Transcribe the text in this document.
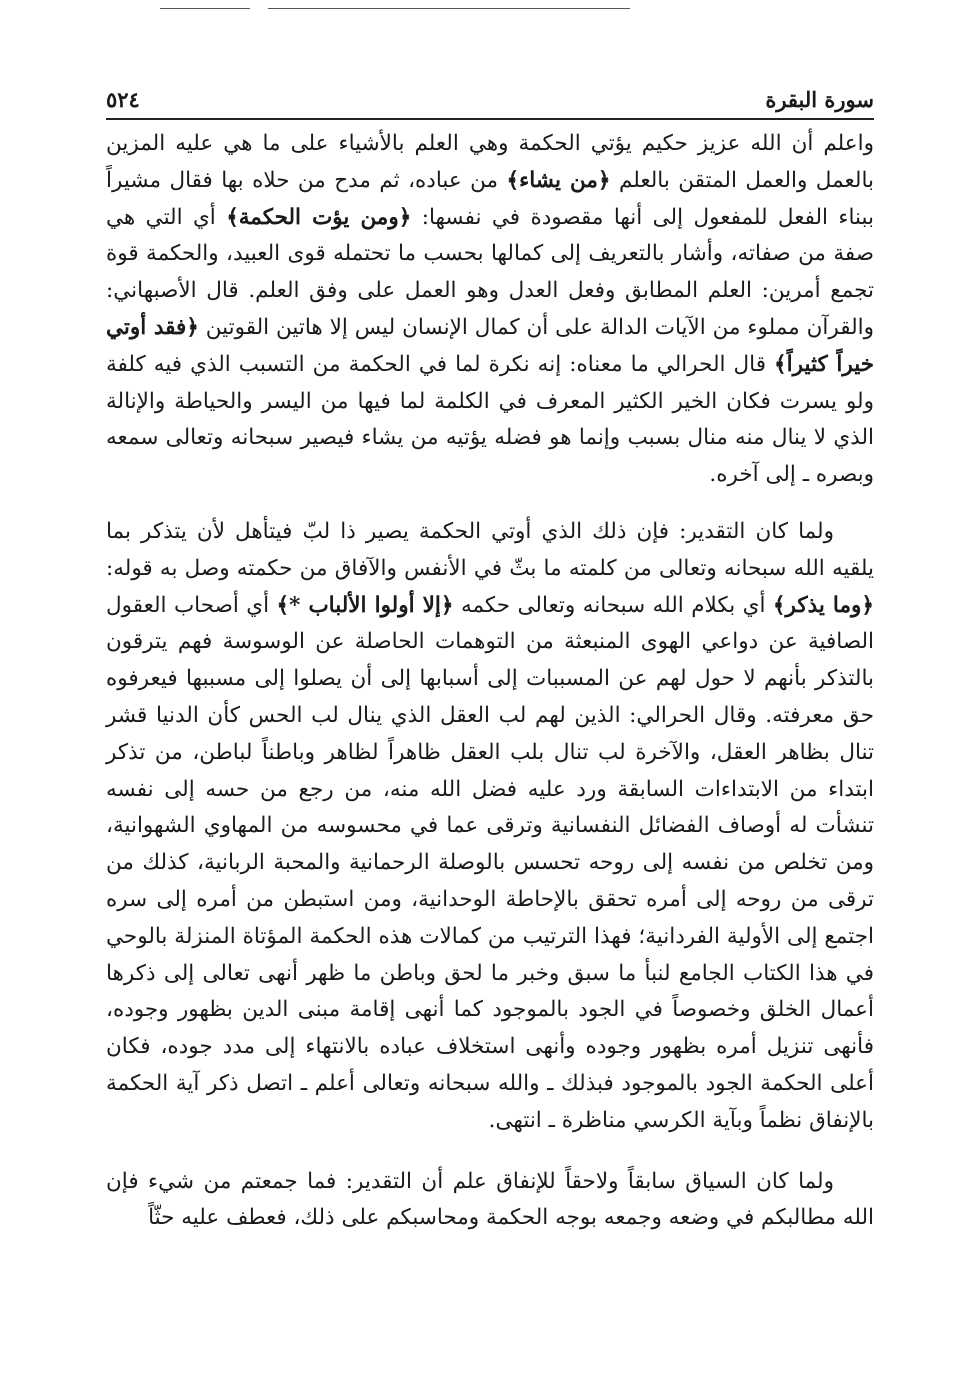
سورة البقرة
٥٢٤

واعلم أن الله عزيز حكيم يؤتي الحكمة وهي العلم بالأشياء على ما هي عليه المزين بالعمل والعمل المتقن بالعلم ﴿من يشاء﴾ من عباده، ثم مدح من حلاه بها فقال مشيراً ببناء الفعل للمفعول إلى أنها مقصودة في نفسها: ﴿ومن يؤت الحكمة﴾ أي التي هي صفة من صفاته، وأشار بالتعريف إلى كمالها بحسب ما تحتمله قوى العبيد، والحكمة قوة تجمع أمرين: العلم المطابق وفعل العدل وهو العمل على وفق العلم. قال الأصبهاني: والقرآن مملوء من الآيات الدالة على أن كمال الإنسان ليس إلا هاتين القوتين ﴿فقد أوتي خيراً كثيراً﴾ قال الحرالي ما معناه: إنه نكرة لما في الحكمة من التسبب الذي فيه كلفة ولو يسرت فكان الخير الكثير المعرف في الكلمة لما فيها من اليسر والحياطة والإنالة الذي لا ينال منه منال بسبب وإنما هو فضله يؤتيه من يشاء فيصير سبحانه وتعالى سمعه وبصره ـ إلى آخره.

ولما كان التقدير: فإن ذلك الذي أوتي الحكمة يصير ذا لبّ فيتأهل لأن يتذكر بما يلقيه الله سبحانه وتعالى من كلمته ما بثّ في الأنفس والآفاق من حكمته وصل به قوله: ﴿وما يذكر﴾ أي بكلام الله سبحانه وتعالى حكمه ﴿إلا أولوا الألباب *﴾ أي أصحاب العقول الصافية عن دواعي الهوى المنبعثة من التوهمات الحاصلة عن الوسوسة فهم يترقون بالتذكر بأنهم لا حول لهم عن المسببات إلى أسبابها إلى أن يصلوا إلى مسببها فيعرفوه حق معرفته. وقال الحرالي: الذين لهم لب العقل الذي ينال لب الحس كأن الدنيا قشر تنال بظاهر العقل، والآخرة لب تنال بلب العقل ظاهراً لظاهر وباطناً لباطن، من تذكر ابتداء من الابتداءات السابقة ورد عليه فضل الله منه، من رجع من حسه إلى نفسه تنشأت له أوصاف الفضائل النفسانية وترقى عما في محسوسه من المهاوي الشهوانية، ومن تخلص من نفسه إلى روحه تحسس بالوصلة الرحمانية والمحبة الربانية، كذلك من ترقى من روحه إلى أمره تحقق بالإحاطة الوحدانية، ومن استبطن من أمره إلى سره اجتمع إلى الأولية الفردانية؛ فهذا الترتيب من كمالات هذه الحكمة المؤتاة المنزلة بالوحي في هذا الكتاب الجامع لنبأ ما سبق وخبر ما لحق وباطن ما ظهر أنهى تعالى إلى ذكرها أعمال الخلق وخصوصاً في الجود بالموجود كما أنهى إقامة مبنى الدين بظهور وجوده، فأنهى تنزيل أمره بظهور وجوده وأنهى استخلاف عباده بالانتهاء إلى مدد جوده، فكان أعلى الحكمة الجود بالموجود فبذلك ـ والله سبحانه وتعالى أعلم ـ اتصل ذكر آية الحكمة بالإنفاق نظماً وبآية الكرسي مناظرة ـ انتهى.

ولما كان السياق سابقاً ولاحقاً للإنفاق علم أن التقدير: فما جمعتم من شيء فإن الله مطالبكم في وضعه وجمعه بوجه الحكمة ومحاسبكم على ذلك، فعطف عليه حثّاً
